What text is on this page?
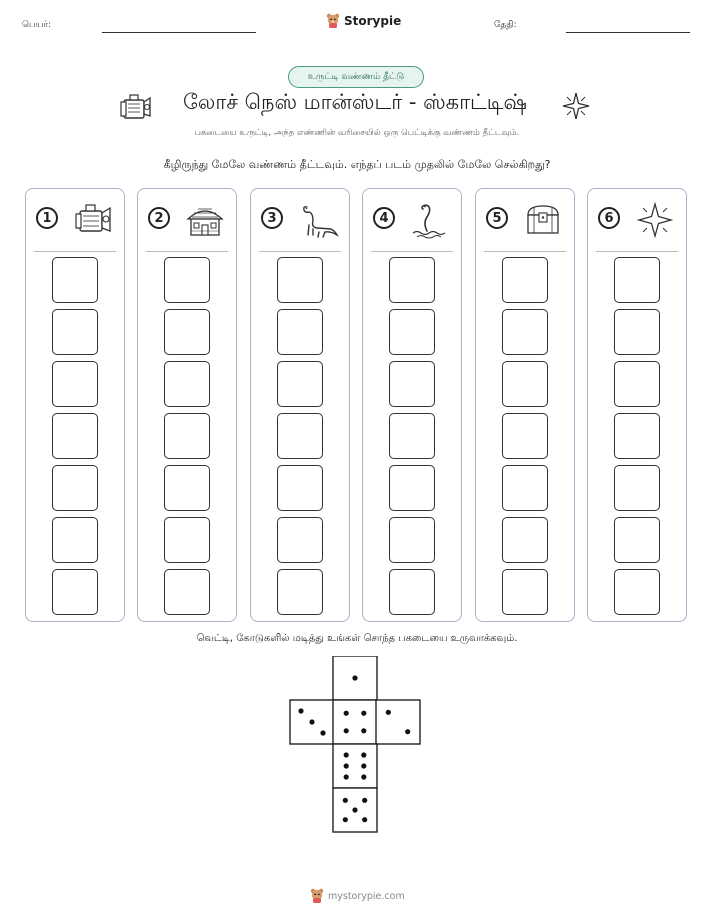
பெயர்:	Storypie	தேதி:
உருட்டி வண்ணம் தீட்டு
லோச் நெஸ் மான்ஸ்டர் - ஸ்காட்டிஷ்
பகடையை உருட்டி, அந்த எண்ணின் வரிசையில் ஒரு பெட்டிக்கு வண்ணம் தீட்டவும்.
கீழிருந்து மேலே வண்ணம் தீட்டவும். எந்தப் படம் முதலில் மேலே செல்கிறது?
1	2	3	4	5	6
வெட்டி, கோடுகளில் மடித்து உங்கள் சொந்த பகடையை உருவாக்கவும்.
mystorypie.com
